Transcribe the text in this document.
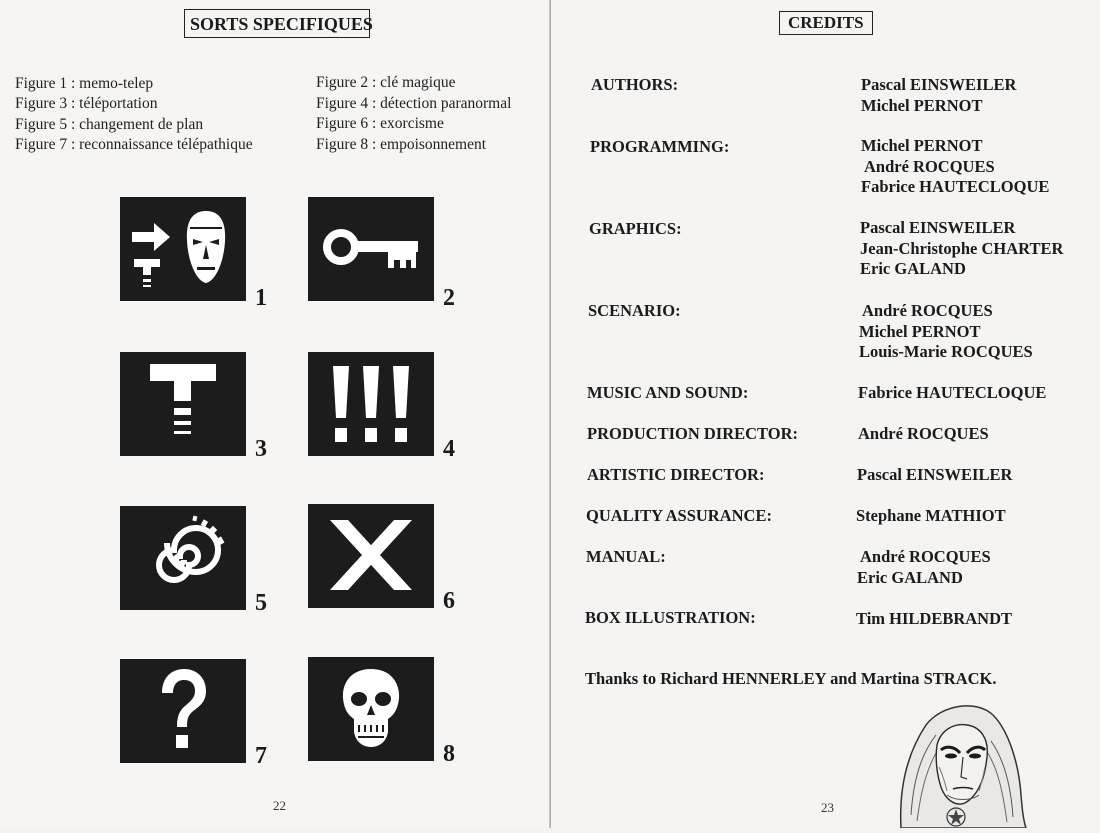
SORTS SPECIFIQUES
Figure 1 : memo-telep
Figure 3 : téléportation
Figure 5 : changement de plan
Figure 7 : reconnaissance télépathique
Figure 2 : clé magique
Figure 4 : détection paranormal
Figure 6 : exorcisme
Figure 8 : empoisonnement
1	2
3	4
5	6
7	8
22
CREDITS
AUTHORS:	Pascal EINSWEILER
Michel PERNOT
PROGRAMMING:	Michel PERNOT
André ROCQUES
Fabrice HAUTECLOQUE
GRAPHICS:	Pascal EINSWEILER
Jean-Christophe CHARTER
Eric GALAND
SCENARIO:	André ROCQUES
Michel PERNOT
Louis-Marie ROCQUES
MUSIC AND SOUND:	Fabrice HAUTECLOQUE
PRODUCTION DIRECTOR:	André ROCQUES
ARTISTIC DIRECTOR:	Pascal EINSWEILER
QUALITY ASSURANCE:	Stephane MATHIOT
MANUAL:	André ROCQUES
Eric GALAND
BOX ILLUSTRATION:	Tim HILDEBRANDT
Thanks to Richard HENNERLEY and Martina STRACK.
23
